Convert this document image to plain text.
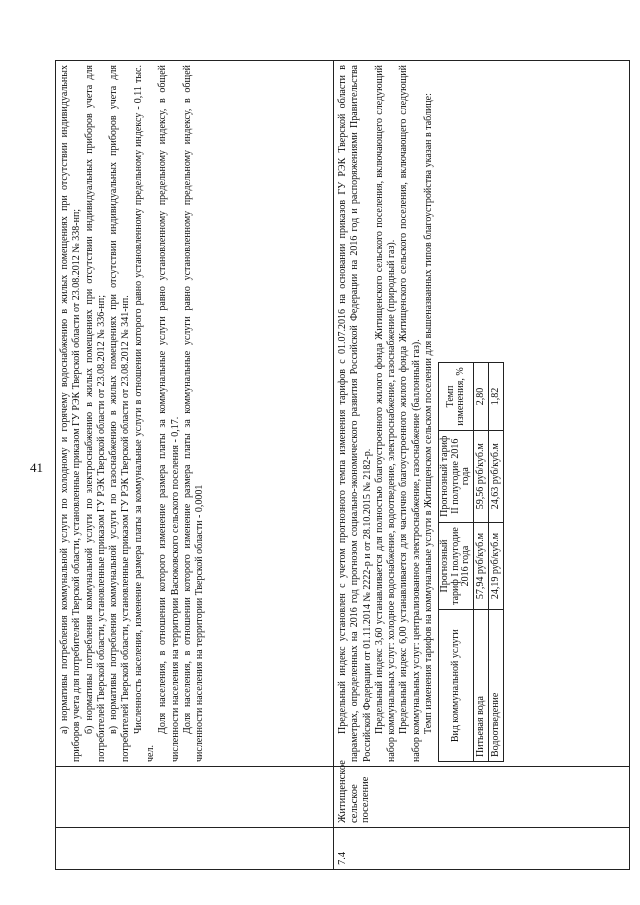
41
		а) нормативы потребления коммунальной услуги по холодному и горячему водоснабжению в жилых помещениях при отсутствии индивидуальных приборов учета для потребителей Тверской области, установленные приказом ГУ РЭК Тверской области от 23.08.2012 № 338-нп; б) нормативы потребления коммунальной услуги по электроснабжению в жилых помещениях при отсутствии индивидуальных приборов учета для потребителей Тверской области, установленные приказом ГУ РЭК Тверской области от 23.08.2012 № 336-нп; в) нормативы потребления коммунальной услуги по газоснабжению в жилых помещениях при отсутствии индивидуальных приборов учета для потребителей Тверской области, установленные приказом ГУ РЭК Тверской области от 23.08.2012 № 341-нп. Численность населения, изменение размера платы за коммунальные услуги в отношении которого равно установленному предельному индексу - 0,11 тыс. чел.

Доля населения, в отношении которого изменение размера платы за коммунальные услуги равно установленному предельному индексу, в общей численности населения на территории Васюковского сельского поселения - 0,17. Доля населения, в отношении которого изменение размера платы за коммунальные услуги равно установленному предельному индексу, в общей численности населения на территории Тверской области - 0,0001

7.4	Житищенское сельское поселение	

Предельный индекс установлен с учетом прогнозного темпа изменения тарифов с 01.07.2016 на основании приказов ГУ РЭК Тверской области в параметрах, определенных на 2016 год прогнозом социально-экономического развития Российской Федерации на 2016 год и распоряжениями Правительства Российской Федерации от 01.11.2014 № 2222-р и от 28.10.2015 № 2182-р. Предельный индекс 3,60 устанавливается для полностью благоустроенного жилого фонда Житищенского сельского поселения, включающего следующий набор коммунальных услуг: холодное водоснабжение, водоотведение, электроснабжение, газоснабжение (природный газ). Предельный индекс 6,00 устанавливается для частично благоустроенного жилого фонда Житищенского сельского поселения, включающего следующий набор коммунальных услуг: централизованное электроснабжение, газоснабжение (баллонный газ). Темп изменения тарифов на коммунальные услуги в Житищенском сельском поселении для вышеназванных типов благоустройства указан в таблице: Вид коммунальной услуги	Прогнозный тариф I полугодие 2016 года	Прогнозный тариф II полугодие 2016 года	Темп изменения, %
Питьевая вода	57,94 руб/куб.м	59,56 руб/куб.м	2,80
Водоотведение	24,19 руб/куб.м	24,63 руб/куб.м	1,82
